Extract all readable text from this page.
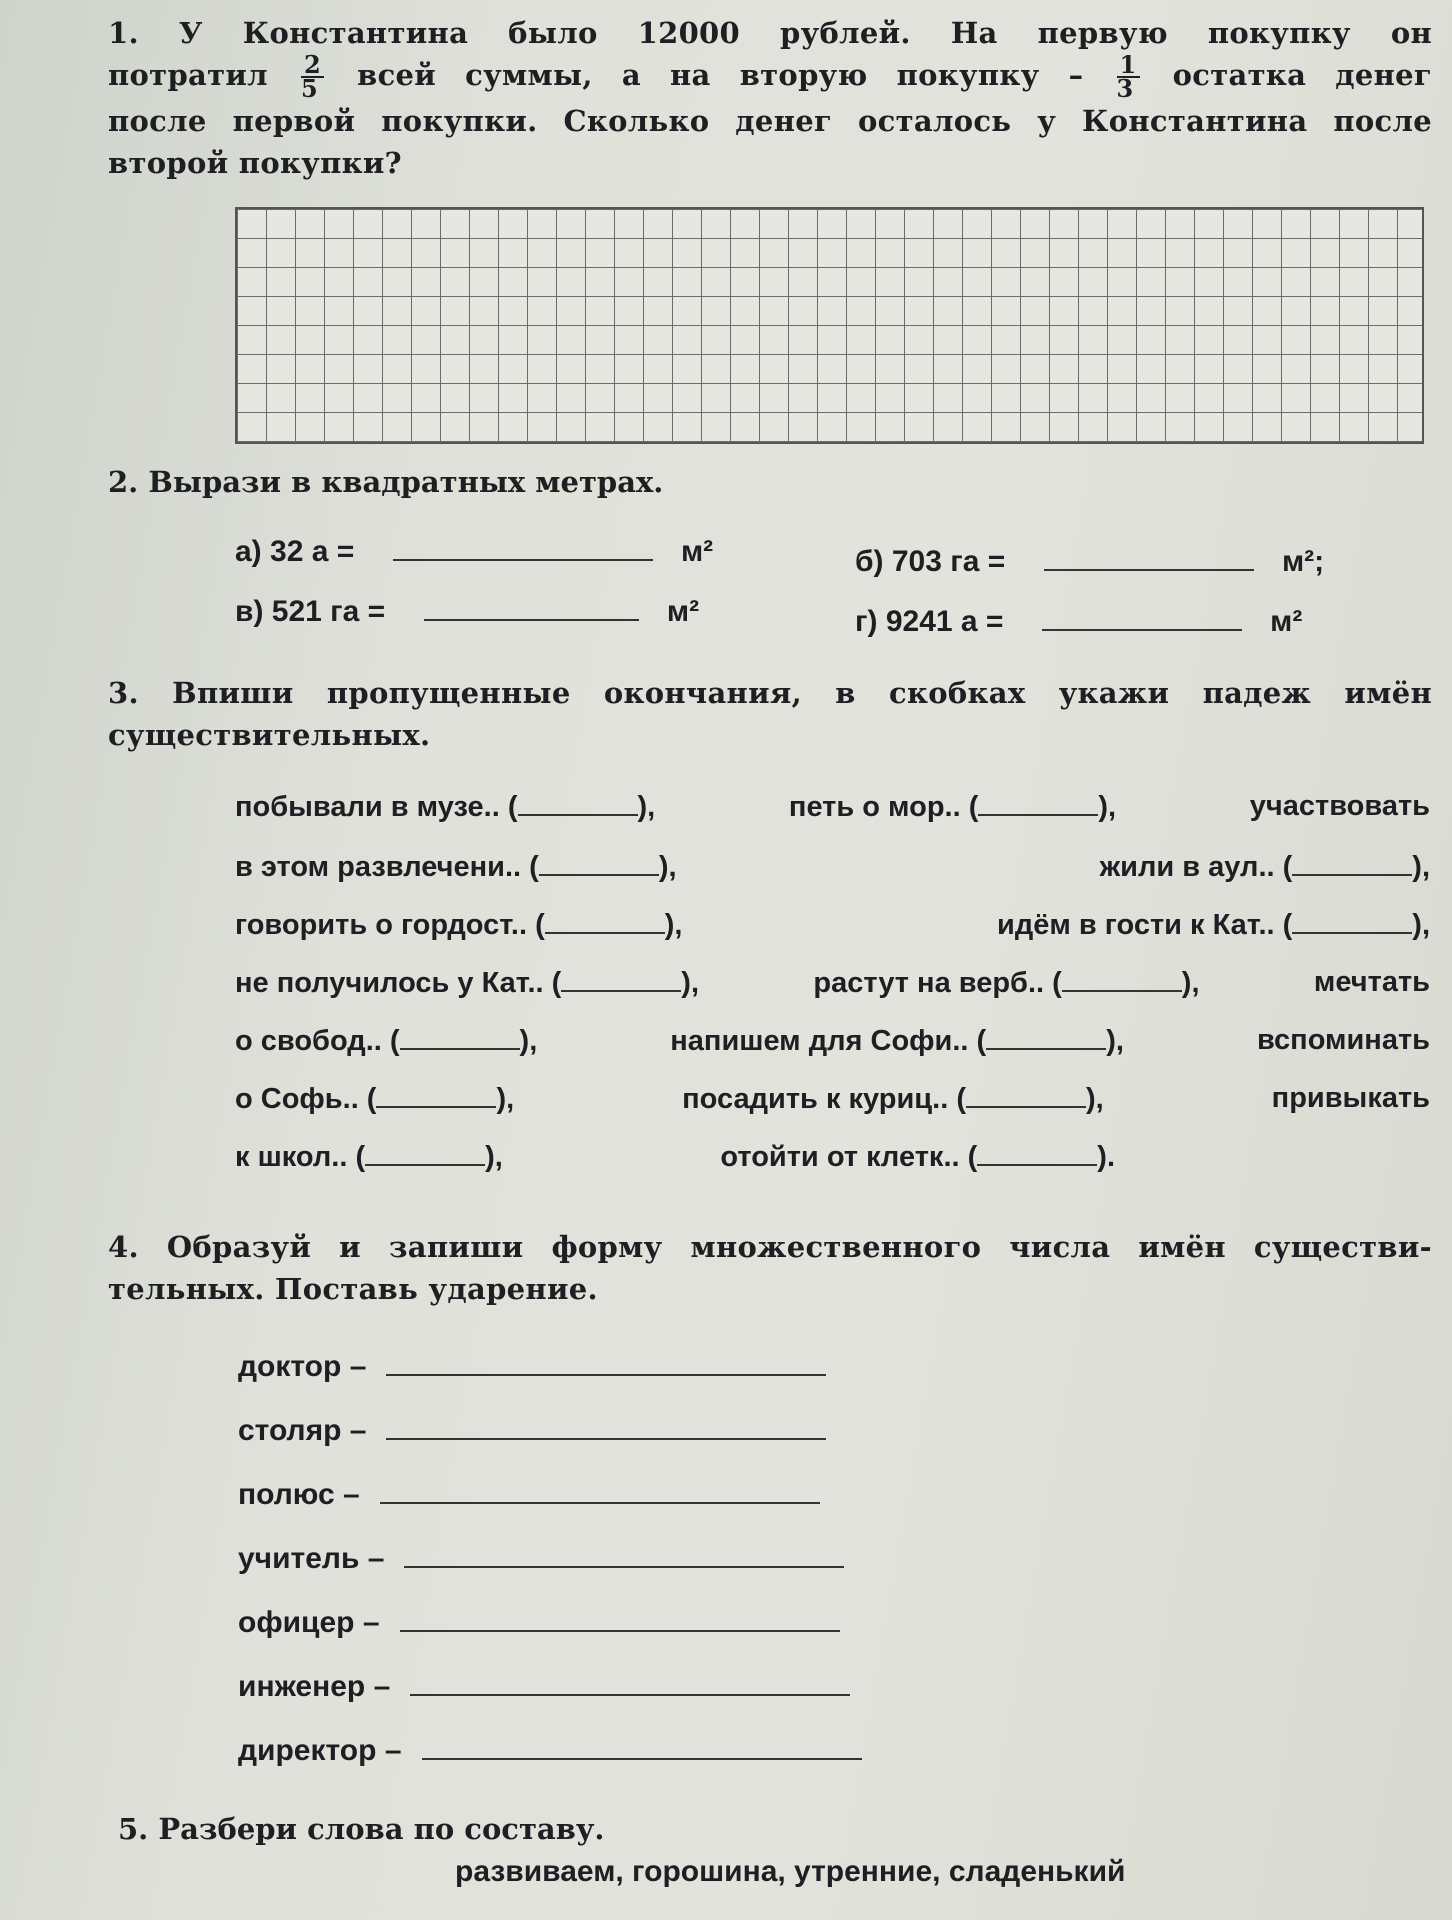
1. У Константина было 12000 рублей. На первую покупку он

потратил $\frac{2}{5}$ всей суммы, а на вторую покупку – $\frac{1}{3}$ остатка денег

после первой покупки. Сколько денег осталось у Константина после

второй покупки?

2. Вырази в квадратных метрах.
а) 32 а =	м²	б) 703 га =	м²;
в) 521 га =	м²	г) 9241 а =	м²

3. Впиши пропущенные окончания, в скобках укажи падеж имён

существительных.

побывали в музе.. (	),	петь о мор.. (	),	участвовать
в этом развлечени.. (	),	жили в аул.. (	),
говорить о гордост.. (	),	идём в гости к Кат.. (	),
не получилось у Кат.. (	),	растут на верб.. (	),	мечтать
о свобод.. (	),	напишем для Софи.. (	),	вспоминать
о Софь.. (	),	посадить к куриц.. (	),	привыкать
к школ.. (	),	отойти от клетк.. (	).

4. Образуй и запиши форму множественного числа имён существи-

тельных. Поставь ударение.

доктор –
столяр –
полюс –
учитель –
офицер –
инженер –
директор –
5. Разбери слова по составу.
развиваем, горошина, утренние, сладенький
